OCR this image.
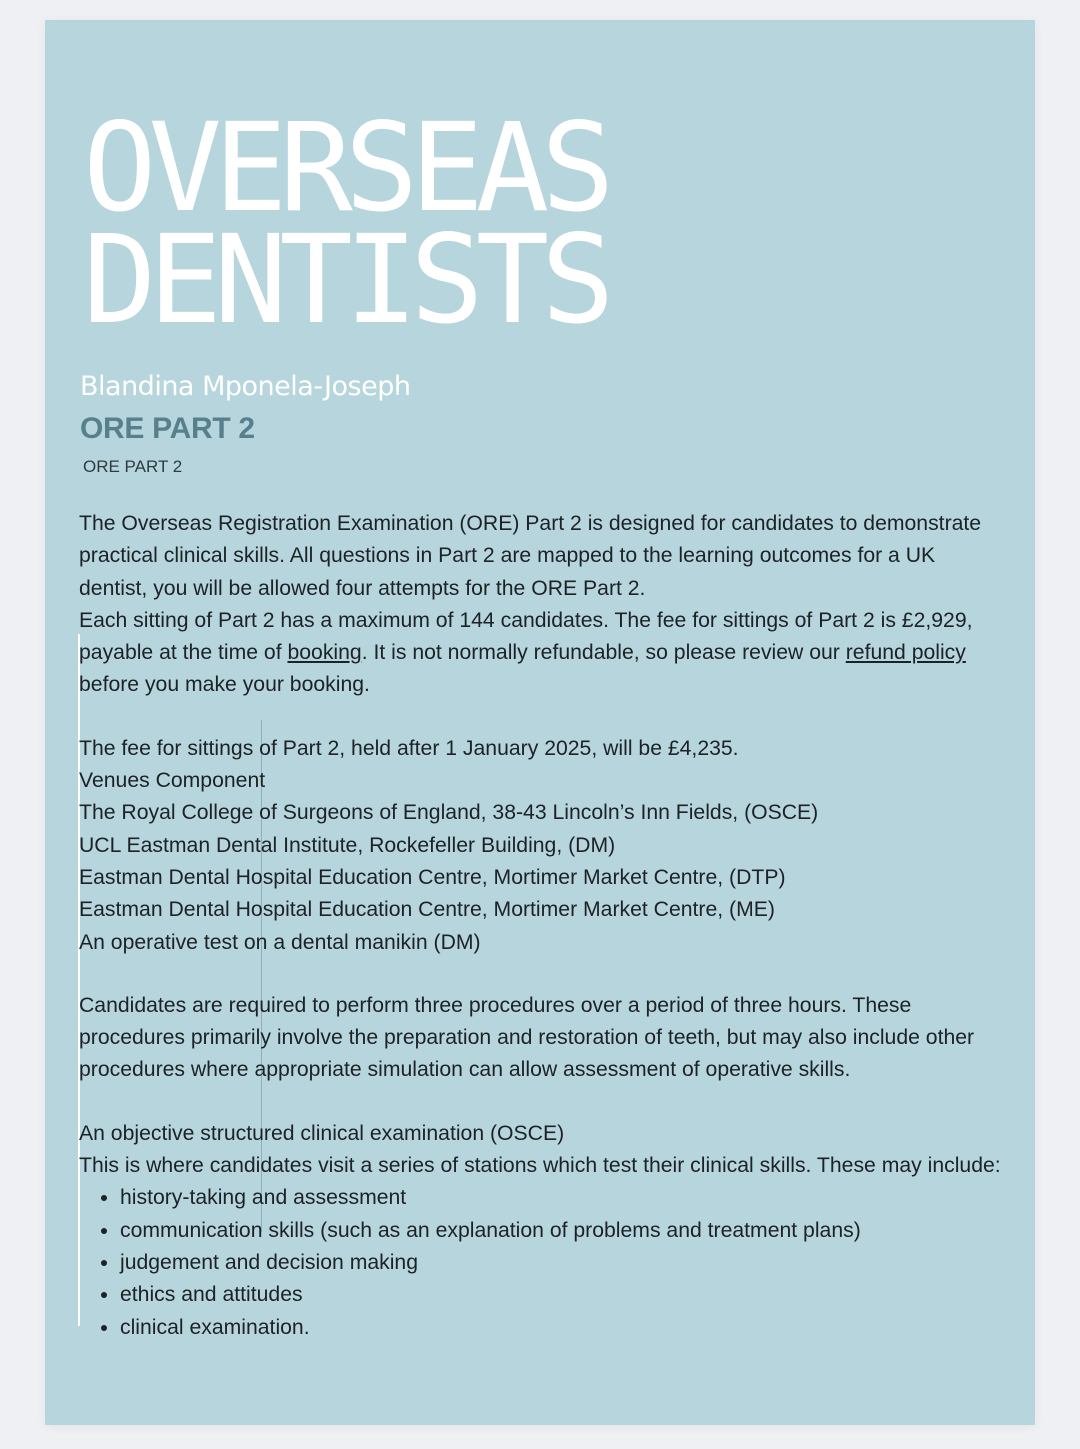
OVERSEAS
DENTISTS
Blandina Mponela-Joseph
ORE PART 2
ORE PART 2

The Overseas Registration Examination (ORE) Part 2 is designed for candidates to demonstrate practical clinical skills. All questions in Part 2 are mapped to the learning outcomes for a UK dentist, you will be allowed four attempts for the ORE Part 2.

Each sitting of Part 2 has a maximum of 144 candidates. The fee for sittings of Part 2 is £2,929, payable at the time of booking. It is not normally refundable, so please review our refund policy before you make your booking.

The fee for sittings of Part 2, held after 1 January 2025, will be £4,235.

Venues Component

The Royal College of Surgeons of England, 38-43 Lincoln’s Inn Fields, (OSCE)

UCL Eastman Dental Institute, Rockefeller Building, (DM)

Eastman Dental Hospital Education Centre, Mortimer Market Centre, (DTP)

Eastman Dental Hospital Education Centre, Mortimer Market Centre, (ME)

An operative test on a dental manikin (DM)

Candidates are required to perform three procedures over a period of three hours. These procedures primarily involve the preparation and restoration of teeth, but may also include other procedures where appropriate simulation can allow assessment of operative skills.

An objective structured clinical examination (OSCE)

This is where candidates visit a series of stations which test their clinical skills. These may include:

• history-taking and assessment
• communication skills (such as an explanation of problems and treatment plans)
• judgement and decision making
• ethics and attitudes
• clinical examination.
